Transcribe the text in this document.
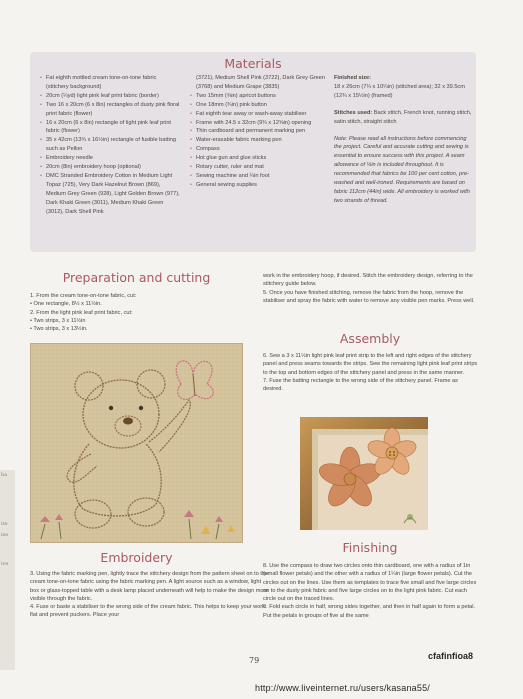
ba
ite
ize
ive
Materials
• Fat eighth mottled cream tone-on-tone fabric (stitchery background)
• 20cm (¼yd) light pink leaf print fabric (border)
• Two 16 x 20cm (6 x 8in) rectangles of dusty pink floral print fabric (flower)
• 16 x 20cm (6 x 8in) rectangle of light pink leaf print fabric (flower)
• 35 x 42cm (13¾ x 16½in) rectangle of fusible batting such as Pellon
• Embroidery needle
• 20cm (8in) embroidery hoop (optional)
• DMC Stranded Embroidery Cotton in Medium Light Topaz (725), Very Dark Hazelnut Brown (869), Medium Grey Green (928), Light Golden Brown (977), Dark Khaki Green (3011), Medium Khaki Green (3012), Dark Shell Pink
(3721), Medium Shell Pink (3722), Dark Grey Green (3768) and Medium Grape (3835)
• Two 15mm (⅝in) apricot buttons
• One 18mm (¾in) pink button
• Fat eighth tear away or wash-away stabiliser
• Frame with 24.5 x 32cm (9¾ x 12⅝in) opening
• Thin cardboard and permanent marking pen
• Water-erasable fabric marking pen
• Compass
• Hot glue gun and glue sticks
• Rotary cutter, ruler and mat
• Sewing machine and ¼in foot
• General sewing supplies
Finished size:
18 x 26cm (7¼ x 10¼in) (stitched area); 32 x 39.5cm (12¾ x 15½in) (framed)
Stitches used: Back stitch, French knot, running stitch, satin stitch, straight stitch
Note: Please read all instructions before commencing the project. Careful and accurate cutting and sewing is essential to ensure success with this project. A seam allowance of ¼in is included throughout. It is recommended that fabrics be 100 per cent cotton, pre-washed and well-ironed. Requirements are based on fabric 112cm (44in) wide. All embroidery is worked with two strands of thread.
Preparation and cutting

1. From the cream tone-on-tone fabric, cut:

• One rectangle, 8½ x 11½in.

2. From the light pink leaf print fabric, cut:

• Two strips, 3 x 11½in

• Two strips, 3 x 13½in.

Embroidery

3. Using the fabric marking pen, lightly trace the stitchery design from the pattern sheet on to the cream tone-on-tone fabric using the fabric marking pen. A light source such as a window, light box or glass-topped table with a desk lamp placed underneath will help to make the design more visible through the fabric.

4. Fuse or baste a stabiliser to the wrong side of the cream fabric. This helps to keep your work flat and prevent puckers. Place your

work in the embroidery hoop, if desired. Stitch the embroidery design, referring to the stitchery guide below.

5. Once you have finished stitching, remove the fabric from the hoop, remove the stabiliser and spray the fabric with water to remove any visible pen marks. Press well.

Assembly

6. Sew a 3 x 11½in light pink leaf print strip to the left and right edges of the stitchery panel and press seams towards the strips. Sew the remaining light pink leaf print strips to the top and bottom edges of the stitchery panel and press in the same manner.

7. Fuse the batting rectangle to the wrong side of the stitchery panel. Frame as desired.

Finishing

8. Use the compass to draw two circles onto thin cardboard, one with a radius of 1in (small flower petals) and the other with a radius of 1¼in (large flower petals). Cut the circles out on the lines. Use them as templates to trace five small and five large circles on to the dusty pink fabric and five large circles on to the light pink fabric. Cut each circle out on the traced lines.

9. Fold each circle in half, wrong sides together, and then in half again to form a petal. Put the petals in groups of five al the same

79	cfafinfioa8
http://www.liveinternet.ru/users/kasana55/
